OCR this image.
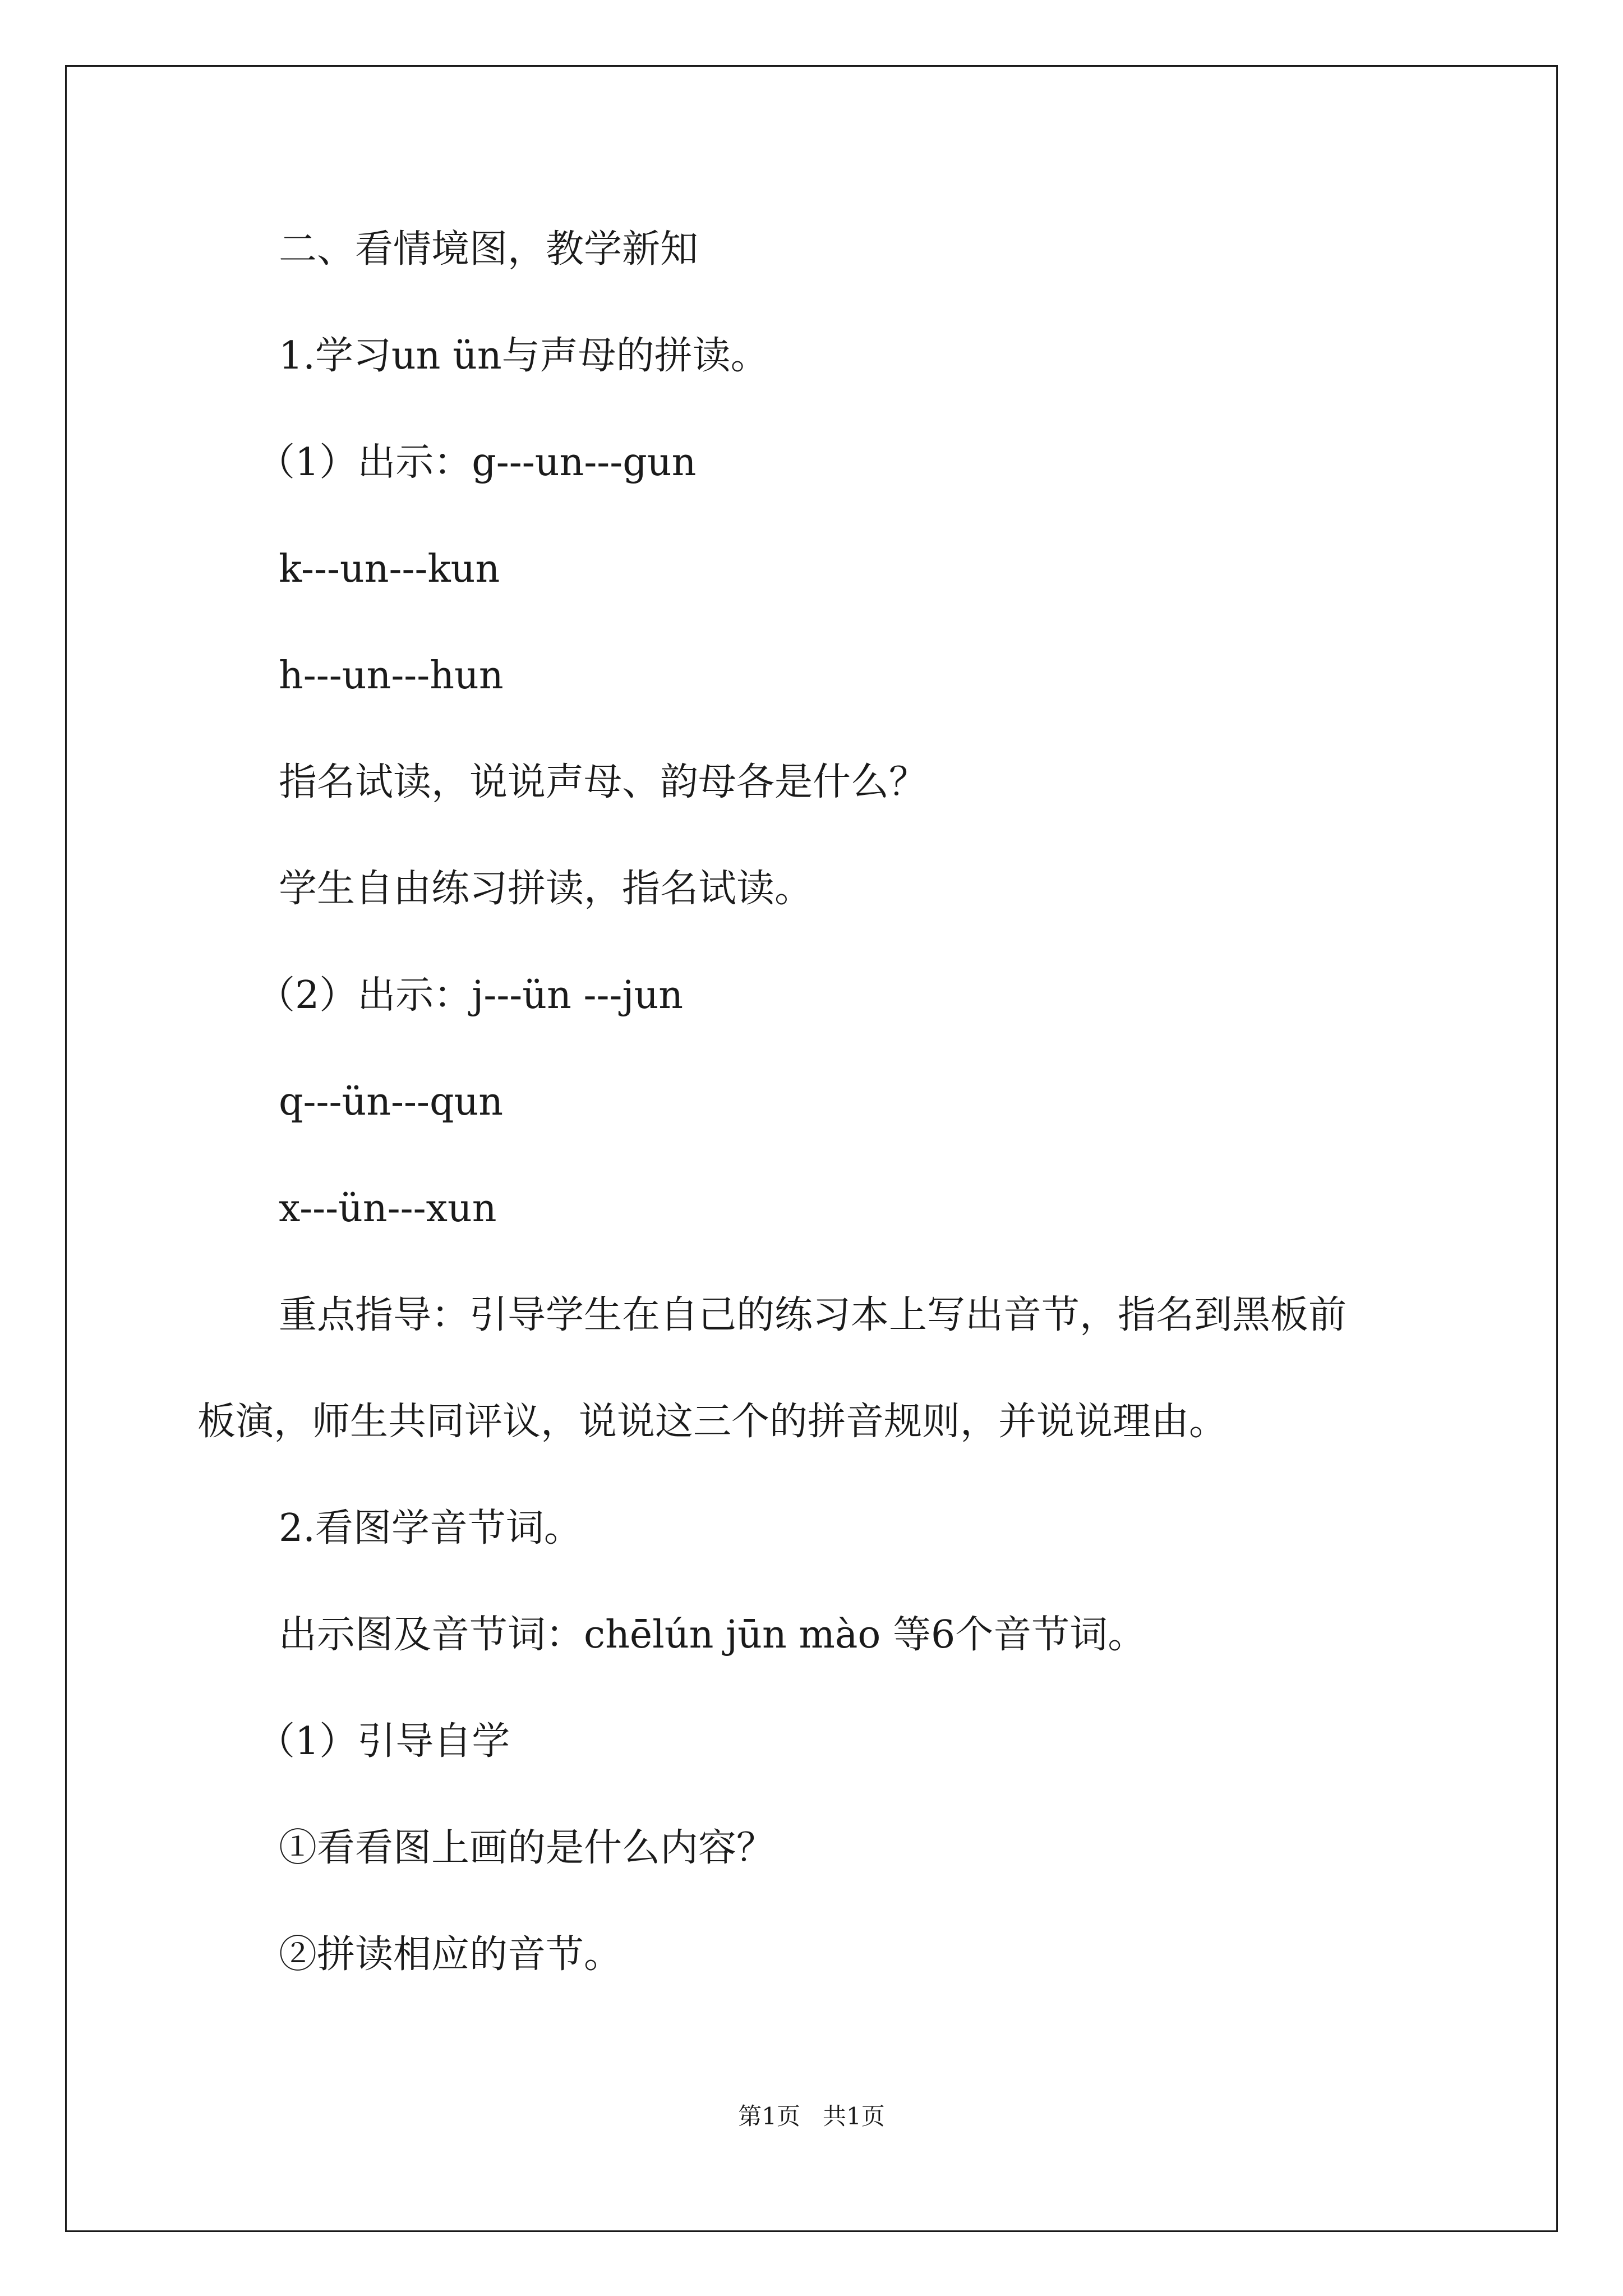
二、看情境图，教学新知

1.学习un ün与声母的拼读。

（1）出示：g---un---gun

k---un---kun

h---un---hun

指名试读，说说声母、韵母各是什么？

学生自由练习拼读，指名试读。

（2）出示：j---ün ---jun

q---ün---qun

x---ün---xun

重点指导：引导学生在自己的练习本上写出音节，指名到黑板前

板演，师生共同评议，说说这三个的拼音规则，并说说理由。

2.看图学音节词。

出示图及音节词：chēlún jūn mào 等6个音节词。

（1）引导自学

①看看图上画的是什么内容？

②拼读相应的音节。

第1页   共1页
